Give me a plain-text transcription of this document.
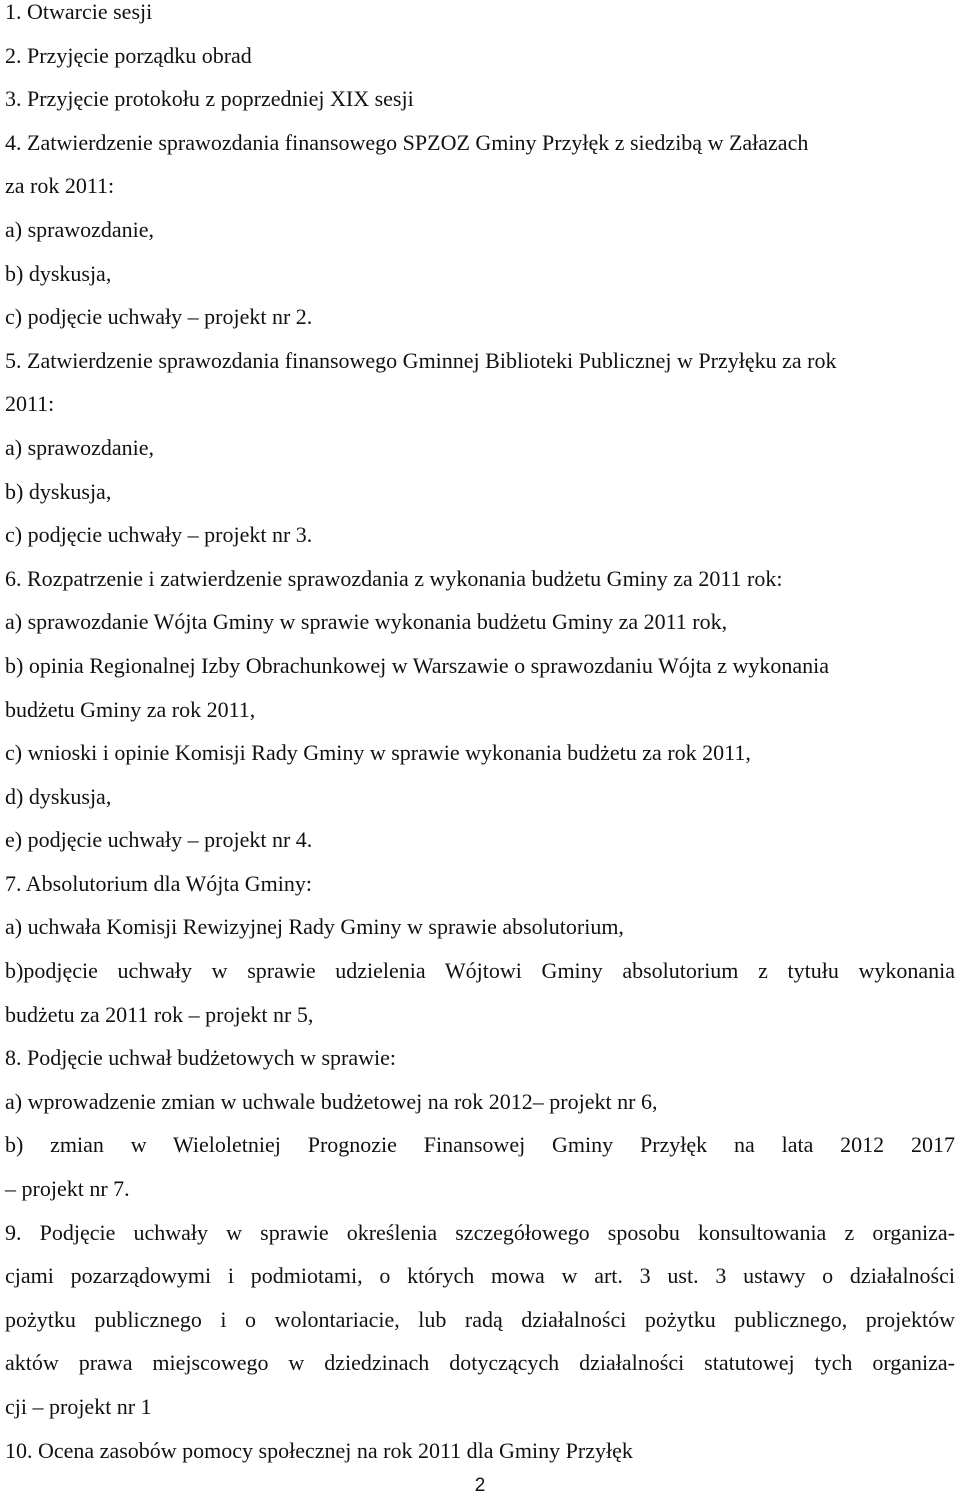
1. Otwarcie sesji

2. Przyjęcie porządku obrad

3. Przyjęcie protokołu z poprzedniej XIX sesji

4. Zatwierdzenie sprawozdania finansowego SPZOZ Gminy Przyłęk z siedzibą w Załazach

za rok 2011:

a) sprawozdanie,

b) dyskusja,

c) podjęcie uchwały – projekt nr 2.

5. Zatwierdzenie sprawozdania finansowego Gminnej Biblioteki Publicznej w Przyłęku za rok

2011:

a) sprawozdanie,

b) dyskusja,

c) podjęcie uchwały – projekt nr 3.

6. Rozpatrzenie i zatwierdzenie sprawozdania z wykonania budżetu Gminy za 2011 rok:

a) sprawozdanie Wójta Gminy w sprawie wykonania budżetu Gminy za 2011 rok,

b) opinia Regionalnej Izby Obrachunkowej w Warszawie o sprawozdaniu Wójta z wykonania

budżetu Gminy za rok 2011,

c) wnioski i opinie Komisji Rady Gminy w sprawie wykonania budżetu za rok 2011,

d) dyskusja,

e) podjęcie uchwały – projekt nr 4.

7. Absolutorium dla Wójta Gminy:

a) uchwała Komisji Rewizyjnej Rady Gminy w sprawie absolutorium,

b)podjęcie uchwały w sprawie udzielenia Wójtowi Gminy absolutorium z tytułu wykonania

budżetu za 2011 rok – projekt nr 5,

8. Podjęcie uchwał budżetowych w sprawie:

a) wprowadzenie zmian w uchwale budżetowej na rok 2012– projekt nr 6,

b) zmian w Wieloletniej Prognozie Finansowej Gminy Przyłęk na lata 2012 2017

– projekt nr 7.

9. Podjęcie uchwały w sprawie określenia szczegółowego sposobu konsultowania z organiza-

cjami pozarządowymi i podmiotami, o których mowa w art. 3 ust. 3 ustawy o działalności

pożytku publicznego i o wolontariacie, lub radą działalności pożytku publicznego, projektów

aktów prawa miejscowego w dziedzinach dotyczących działalności statutowej tych organiza-

cji – projekt nr 1

10. Ocena zasobów pomocy społecznej na rok 2011 dla Gminy Przyłęk

2
